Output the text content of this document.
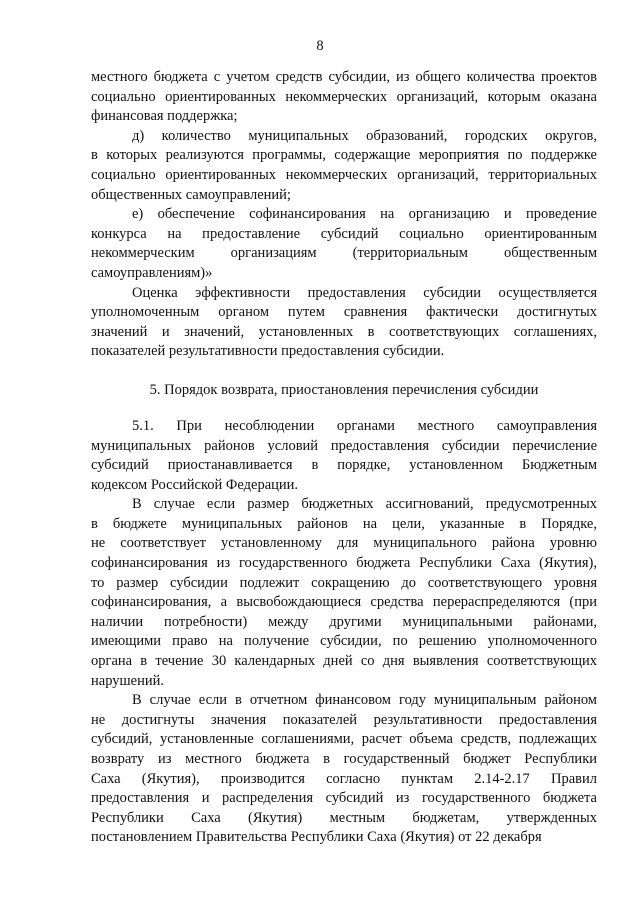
8
местного бюджета с учетом средств субсидии, из общего количества проектов
социально ориентированных некоммерческих организаций, которым оказана
финансовая поддержка;
д) количество муниципальных образований, городских округов,
в которых реализуются программы, содержащие мероприятия по поддержке
социально ориентированных некоммерческих организаций, территориальных
общественных самоуправлений;
е) обеспечение софинансирования на организацию и проведение
конкурса на предоставление субсидий социально ориентированным
некоммерческим организациям (территориальным общественным
самоуправлениям)»
Оценка эффективности предоставления субсидии осуществляется
уполномоченным органом путем сравнения фактически достигнутых
значений и значений, установленных в соответствующих соглашениях,
показателей результативности предоставления субсидии.
5. Порядок возврата, приостановления перечисления субсидии
5.1. При несоблюдении органами местного самоуправления
муниципальных районов условий предоставления субсидии перечисление
субсидий приостанавливается в порядке, установленном Бюджетным
кодексом Российской Федерации.
В случае если размер бюджетных ассигнований, предусмотренных
в бюджете муниципальных районов на цели, указанные в Порядке,
не соответствует установленному для муниципального района уровню
софинансирования из государственного бюджета Республики Саха (Якутия),
то размер субсидии подлежит сокращению до соответствующего уровня
софинансирования, а высвобождающиеся средства перераспределяются (при
наличии потребности) между другими муниципальными районами,
имеющими право на получение субсидии, по решению уполномоченного
органа в течение 30 календарных дней со дня выявления соответствующих
нарушений.
В случае если в отчетном финансовом году муниципальным районом
не достигнуты значения показателей результативности предоставления
субсидий, установленные соглашениями, расчет объема средств, подлежащих
возврату из местного бюджета в государственный бюджет Республики
Саха (Якутия), производится согласно пунктам 2.14-2.17 Правил
предоставления и распределения субсидий из государственного бюджета
Республики Саха (Якутия) местным бюджетам, утвержденных
постановлением Правительства Республики Саха (Якутия) от 22 декабря
